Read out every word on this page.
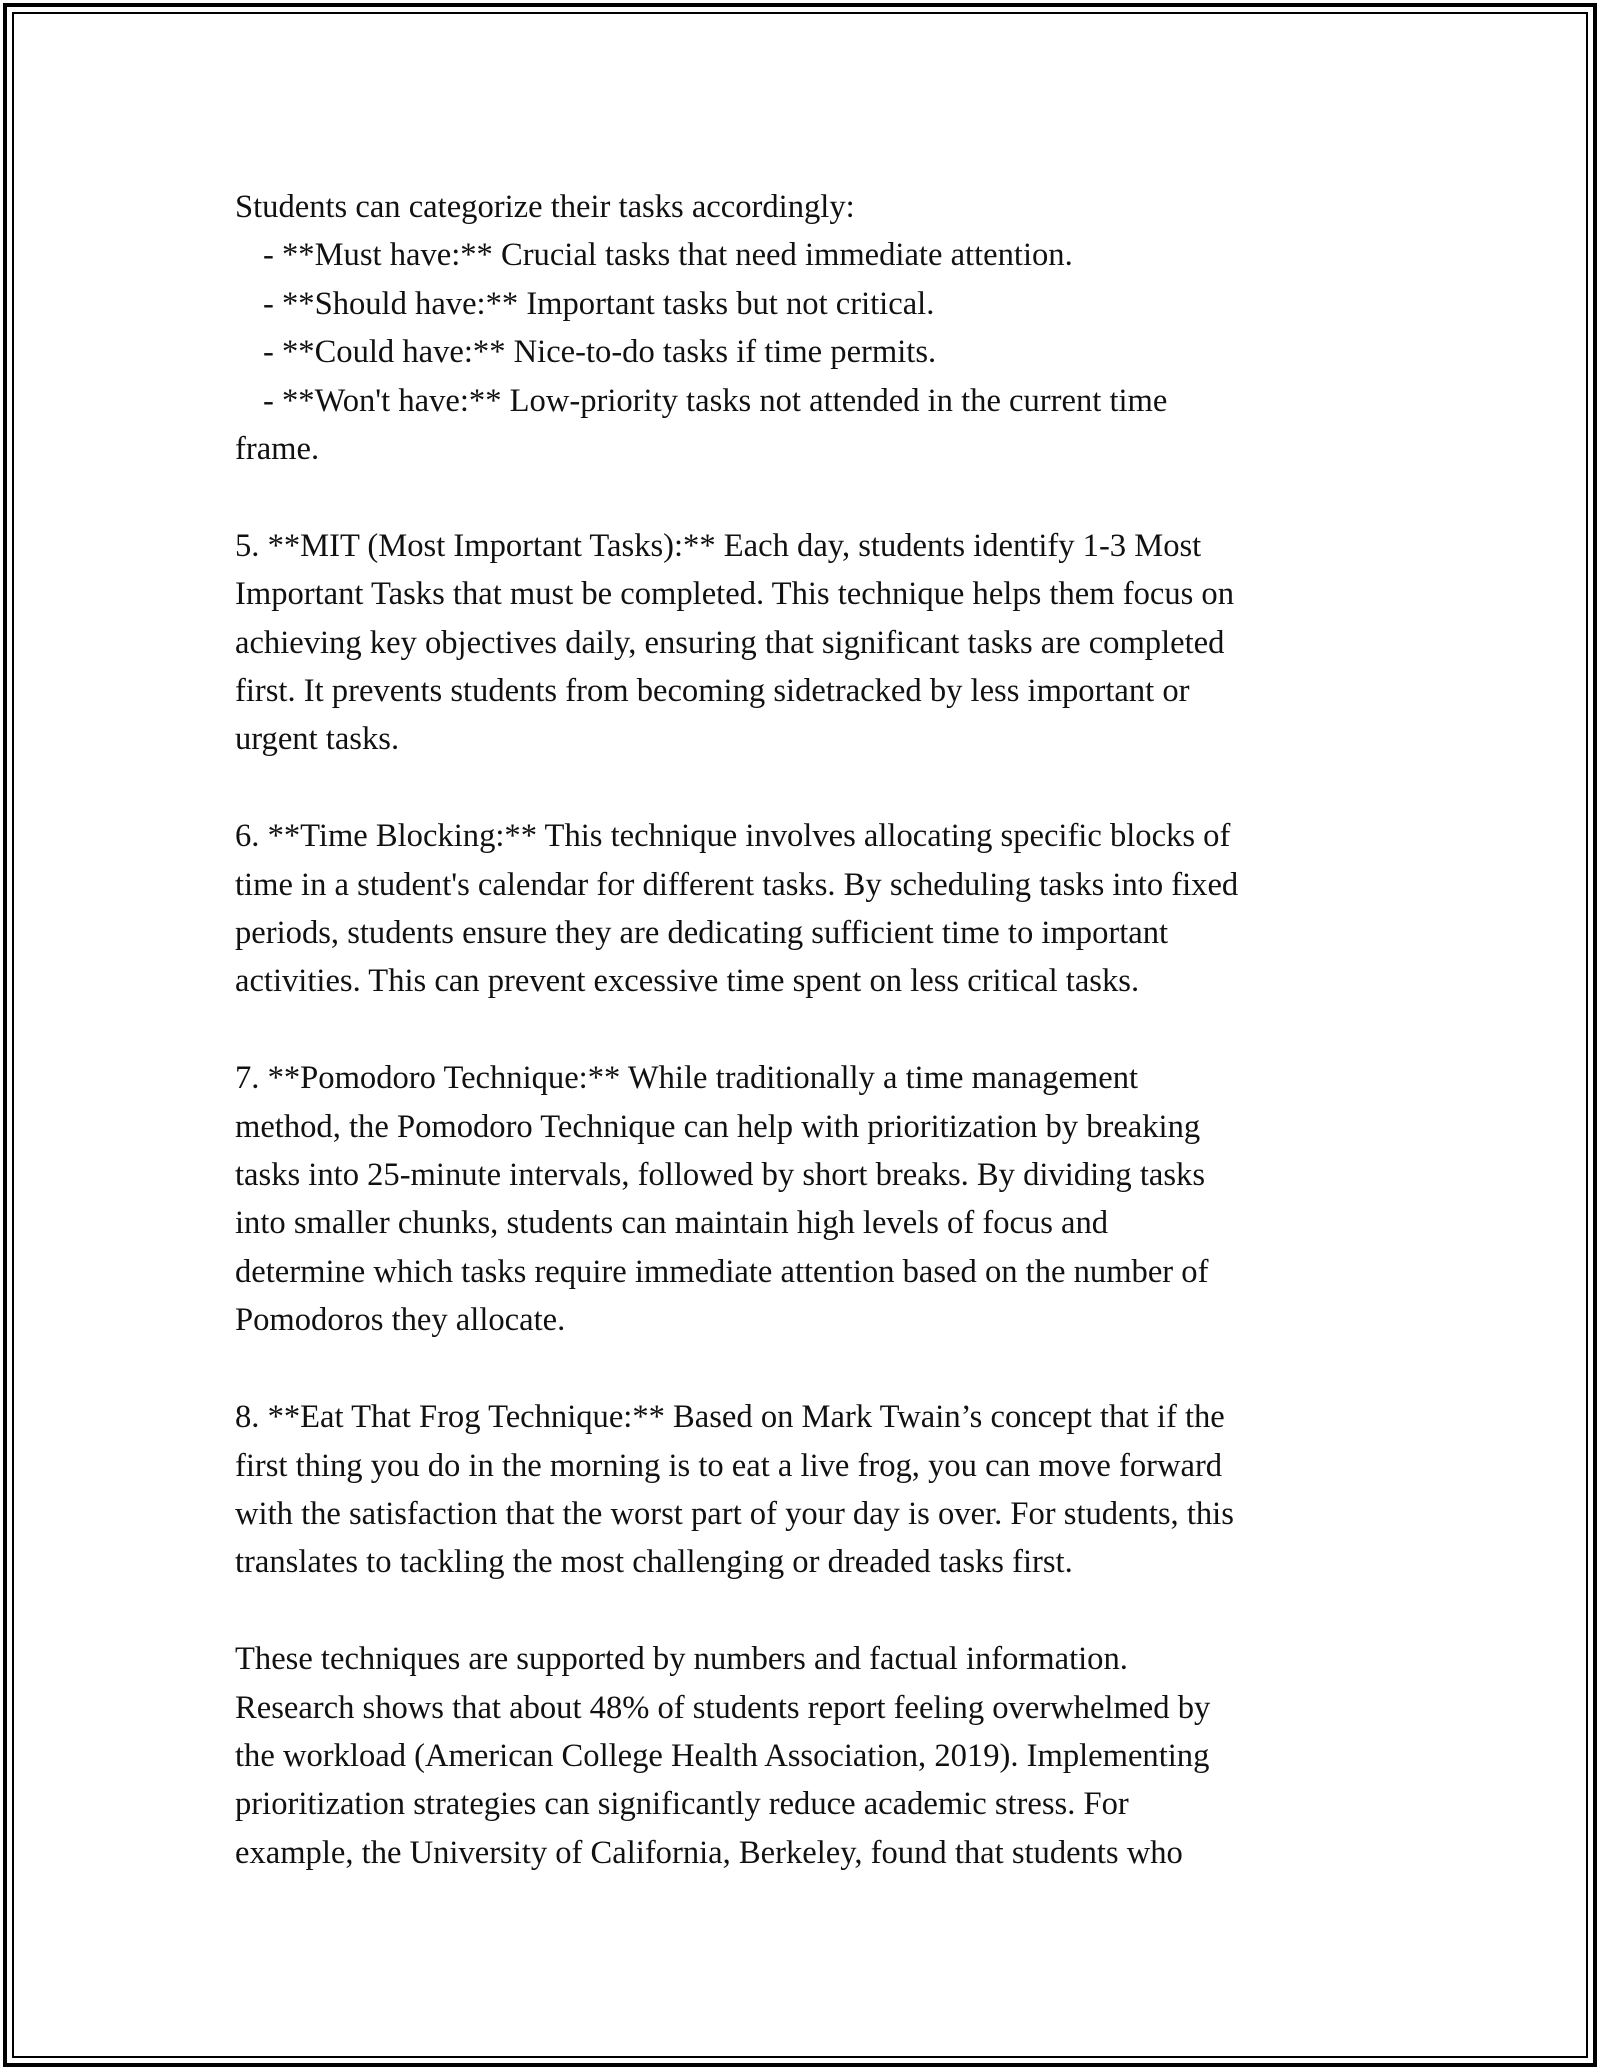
Students can categorize their tasks accordingly:

- **Must have:** Crucial tasks that need immediate attention.

- **Should have:** Important tasks but not critical.

- **Could have:** Nice-to-do tasks if time permits.

- **Won't have:** Low-priority tasks not attended in the current time

frame.

5. **MIT (Most Important Tasks):** Each day, students identify 1-3 Most

Important Tasks that must be completed. This technique helps them focus on

achieving key objectives daily, ensuring that significant tasks are completed

first. It prevents students from becoming sidetracked by less important or

urgent tasks.

6. **Time Blocking:** This technique involves allocating specific blocks of

time in a student's calendar for different tasks. By scheduling tasks into fixed

periods, students ensure they are dedicating sufficient time to important

activities. This can prevent excessive time spent on less critical tasks.

7. **Pomodoro Technique:** While traditionally a time management

method, the Pomodoro Technique can help with prioritization by breaking

tasks into 25-minute intervals, followed by short breaks. By dividing tasks

into smaller chunks, students can maintain high levels of focus and

determine which tasks require immediate attention based on the number of

Pomodoros they allocate.

8. **Eat That Frog Technique:** Based on Mark Twain’s concept that if the

first thing you do in the morning is to eat a live frog, you can move forward

with the satisfaction that the worst part of your day is over. For students, this

translates to tackling the most challenging or dreaded tasks first.

These techniques are supported by numbers and factual information.

Research shows that about 48% of students report feeling overwhelmed by

the workload (American College Health Association, 2019). Implementing

prioritization strategies can significantly reduce academic stress. For

example, the University of California, Berkeley, found that students who
